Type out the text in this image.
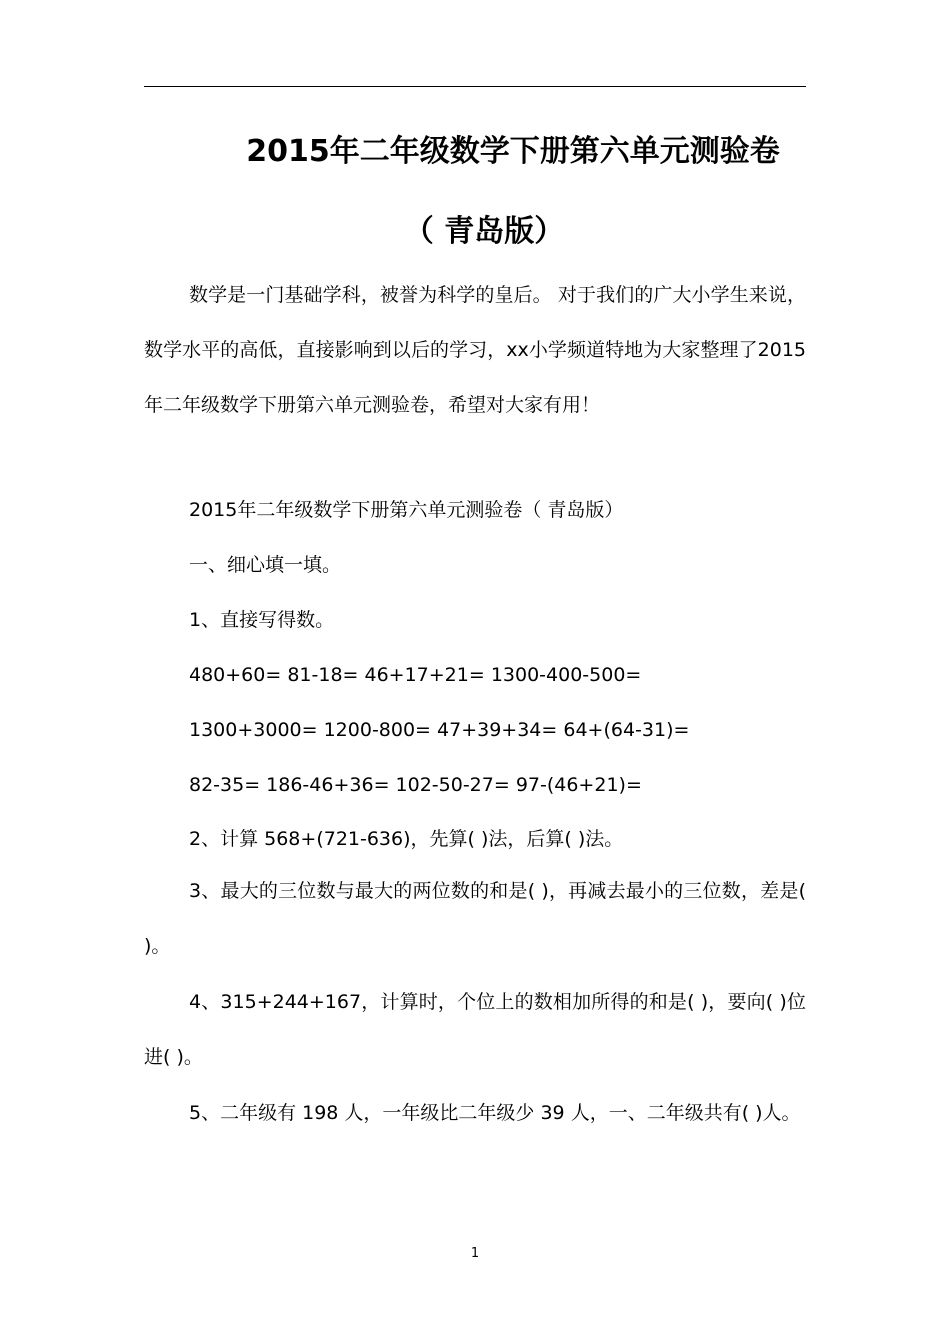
2015年二年级数学下册第六单元测验卷
（ 青岛版）

数学是一门基础学科，被誉为科学的皇后。 对于我们的广大小学生来说，数学水平的高低，直接影响到以后的学习，xx小学频道特地为大家整理了2015年二年级数学下册第六单元测验卷，希望对大家有用！

2015年二年级数学下册第六单元测验卷（ 青岛版）

一、细心填一填。

1、直接写得数。

480+60= 81-18= 46+17+21= 1300-400-500=

1300+3000= 1200-800= 47+39+34= 64+(64-31)=

82-35= 186-46+36= 102-50-27= 97-(46+21)=

2、计算 568+(721-636)，先算( )法，后算( )法。

3、最大的三位数与最大的两位数的和是( )，再减去最小的三位数，差是( )。

4、315+244+167，计算时，个位上的数相加所得的和是( )，要向( )位进( )。

5、二年级有 198 人，一年级比二年级少 39 人，一、二年级共有( )人。

1
